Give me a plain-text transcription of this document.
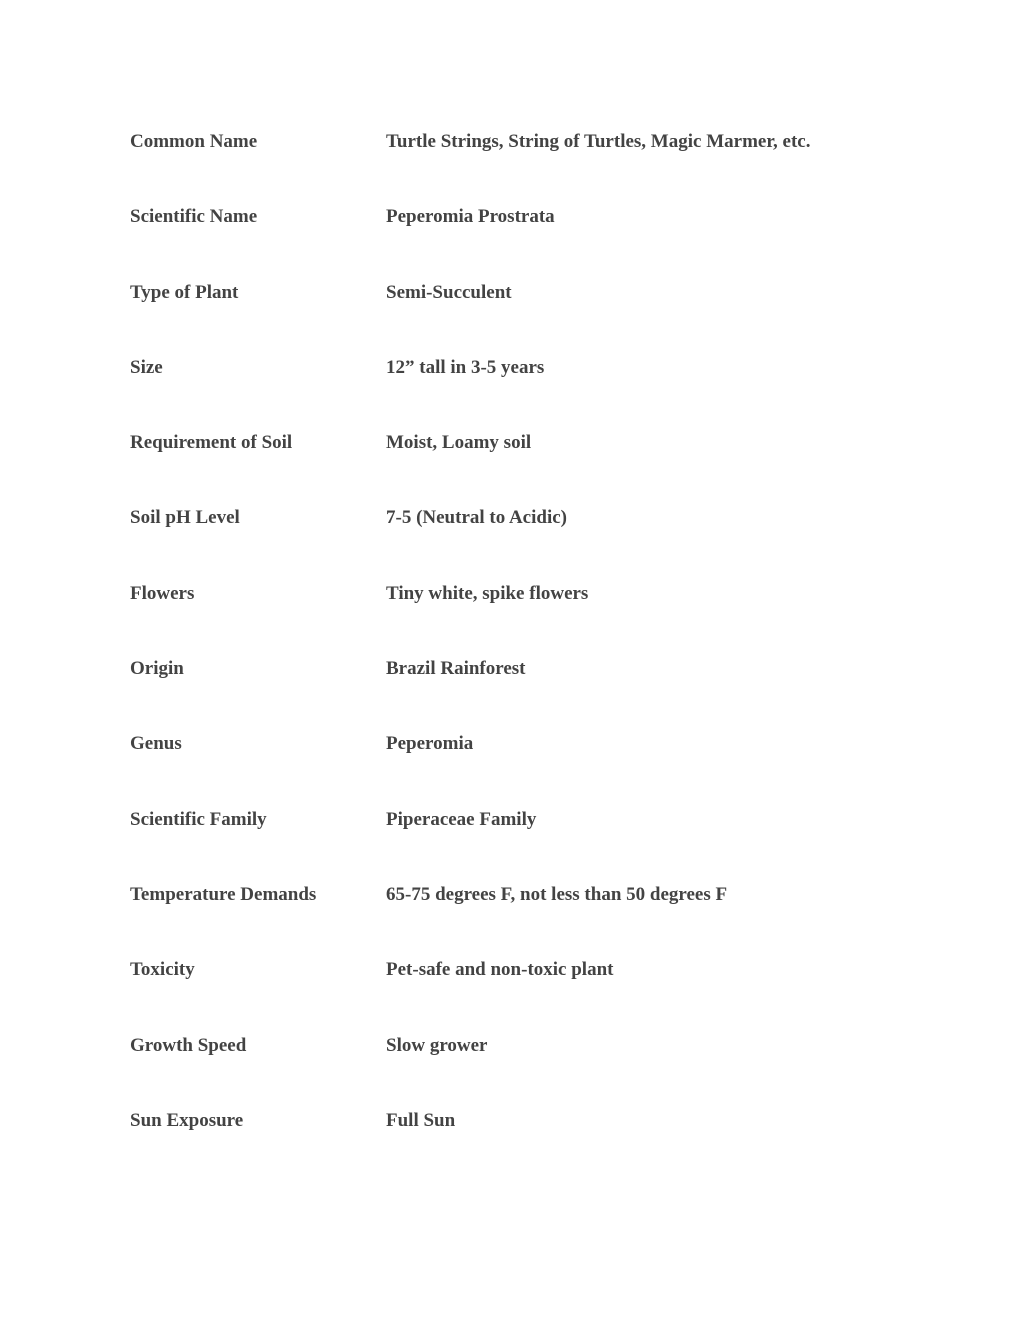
Common Name	Turtle Strings, String of Turtles, Magic Marmer, etc.
Scientific Name	Peperomia Prostrata
Type of Plant	Semi-Succulent
Size	12” tall in 3-5 years
Requirement of Soil	Moist, Loamy soil
Soil pH Level	7-5 (Neutral to Acidic)
Flowers	Tiny white, spike flowers
Origin	Brazil Rainforest
Genus	Peperomia
Scientific Family	Piperaceae Family
Temperature Demands	65-75 degrees F, not less than 50 degrees F
Toxicity	Pet-safe and non-toxic plant
Growth Speed	Slow grower
Sun Exposure	Full Sun
